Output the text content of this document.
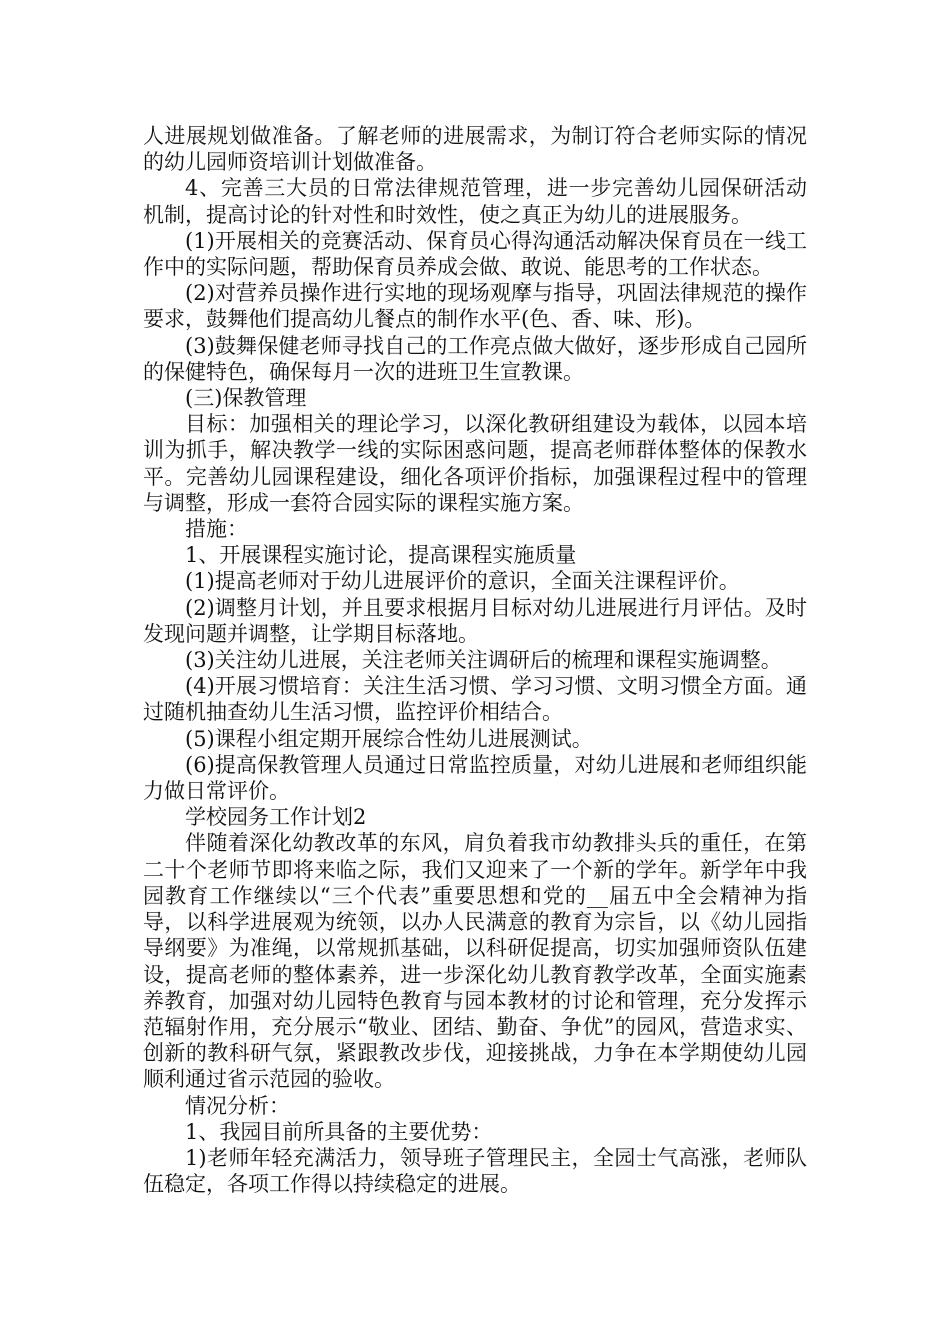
人进展规划做准备。了解老师的进展需求，为制订符合老师实际的情况的幼儿园师资培训计划做准备。

4、完善三大员的日常法律规范管理，进一步完善幼儿园保研活动机制，提高讨论的针对性和时效性，使之真正为幼儿的进展服务。

(1)开展相关的竞赛活动、保育员心得沟通活动解决保育员在一线工作中的实际问题，帮助保育员养成会做、敢说、能思考的工作状态。

(2)对营养员操作进行实地的现场观摩与指导，巩固法律规范的操作要求，鼓舞他们提高幼儿餐点的制作水平(色、香、味、形)。

(3)鼓舞保健老师寻找自己的工作亮点做大做好，逐步形成自己园所的保健特色，确保每月一次的进班卫生宣教课。

(三)保教管理

目标：加强相关的理论学习，以深化教研组建设为载体，以园本培训为抓手，解决教学一线的实际困惑问题，提高老师群体整体的保教水平。完善幼儿园课程建设，细化各项评价指标，加强课程过程中的管理与调整，形成一套符合园实际的课程实施方案。

措施：

1、开展课程实施讨论，提高课程实施质量

(1)提高老师对于幼儿进展评价的意识，全面关注课程评价。

(2)调整月计划，并且要求根据月目标对幼儿进展进行月评估。及时发现问题并调整，让学期目标落地。

(3)关注幼儿进展，关注老师关注调研后的梳理和课程实施调整。

(4)开展习惯培育：关注生活习惯、学习习惯、文明习惯全方面。通过随机抽查幼儿生活习惯，监控评价相结合。

(5)课程小组定期开展综合性幼儿进展测试。

(6)提高保教管理人员通过日常监控质量，对幼儿进展和老师组织能力做日常评价。

学校园务工作计划2

伴随着深化幼教改革的东风，肩负着我市幼教排头兵的重任，在第二十个老师节即将来临之际，我们又迎来了一个新的学年。新学年中我园教育工作继续以“三个代表”重要思想和党的__届五中全会精神为指导，以科学进展观为统领，以办人民满意的教育为宗旨，以《幼儿园指导纲要》为准绳，以常规抓基础，以科研促提高，切实加强师资队伍建设，提高老师的整体素养，进一步深化幼儿教育教学改革，全面实施素养教育，加强对幼儿园特色教育与园本教材的讨论和管理，充分发挥示范辐射作用，充分展示“敬业、团结、勤奋、争优”的园风，营造求实、创新的教科研气氛，紧跟教改步伐，迎接挑战，力争在本学期使幼儿园顺利通过省示范园的验收。

情况分析：

1、我园目前所具备的主要优势：

1)老师年轻充满活力，领导班子管理民主，全园士气高涨，老师队伍稳定，各项工作得以持续稳定的进展。
